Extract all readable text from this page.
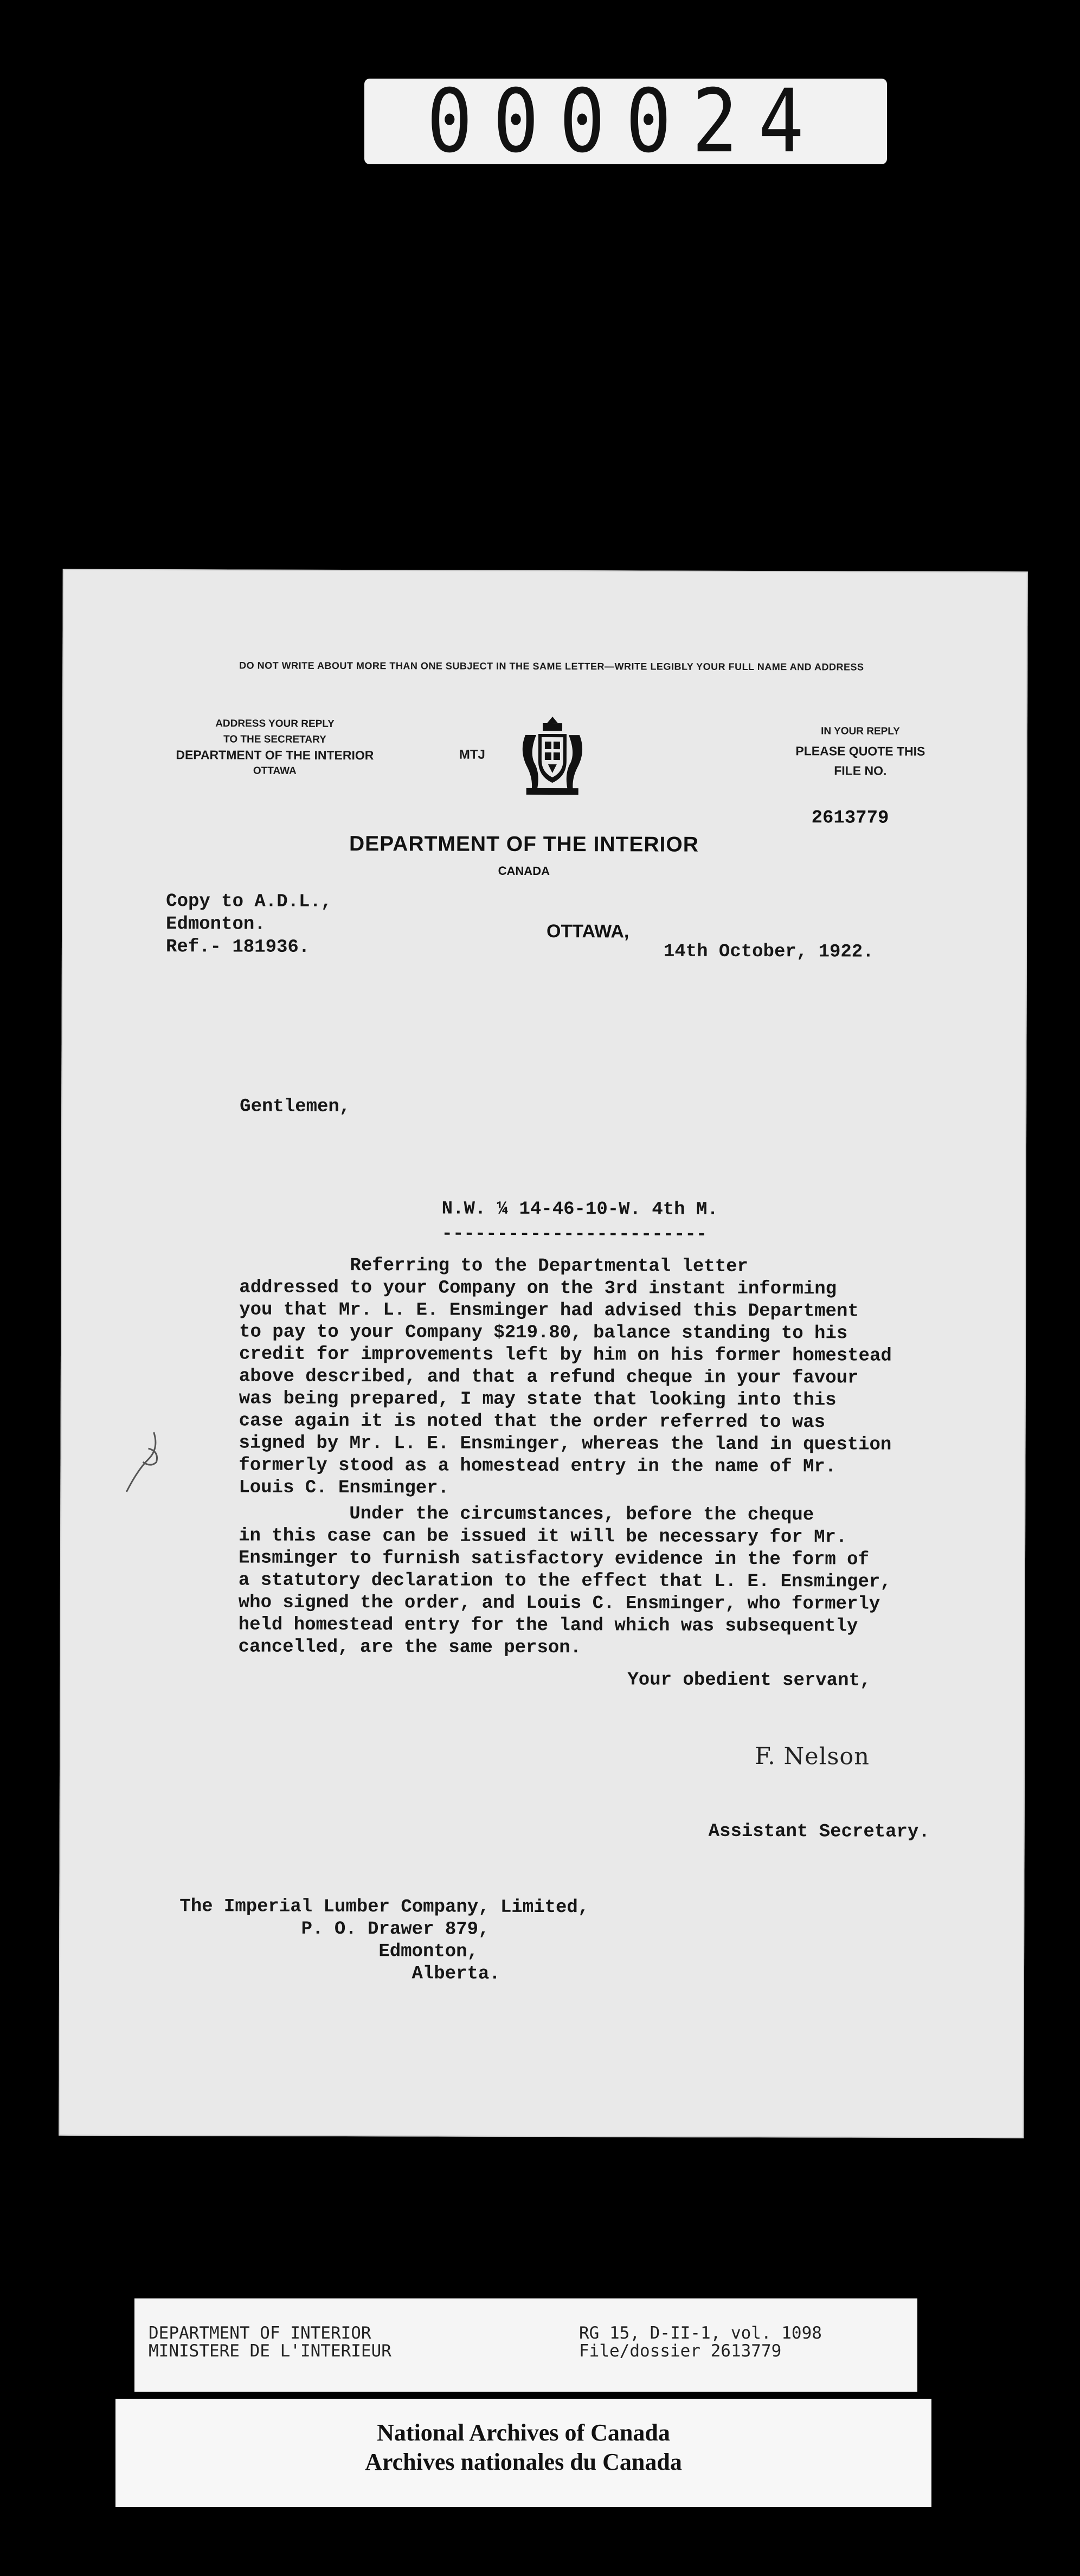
000024
DO NOT WRITE ABOUT MORE THAN ONE SUBJECT IN THE SAME LETTER—WRITE LEGIBLY YOUR FULL NAME AND ADDRESS
ADDRESS YOUR REPLY
TO THE SECRETARY
DEPARTMENT OF THE INTERIOR
OTTAWA
MTJ
IN YOUR REPLY
PLEASE QUOTE THIS
FILE NO.
2613779
DEPARTMENT OF THE INTERIOR
CANADA
Copy to A.D.L.,
Edmonton.
Ref.- 181936.
OTTAWA,
14th October, 1922.
Gentlemen,
N.W. ¼ 14-46-10-W. 4th M.
------------------------

Referring to the Departmental letter

addressed to your Company on the 3rd instant informing

you that Mr. L. E. Ensminger had advised this Department

to pay to your Company $219.80, balance standing to his

credit for improvements left by him on his former homestead

above described, and that a refund cheque in your favour

was being prepared, I may state that looking into this

case again it is noted that the order referred to was

signed by Mr. L. E. Ensminger, whereas the land in question

formerly stood as a homestead entry in the name of Mr.

Louis C. Ensminger.

Under the circumstances, before the cheque

in this case can be issued it will be necessary for Mr.

Ensminger to furnish satisfactory evidence in the form of

a statutory declaration to the effect that L. E. Ensminger,

who signed the order, and Louis C. Ensminger, who formerly

held homestead entry for the land which was subsequently

cancelled, are the same person.

Your obedient servant,
F. Nelson
Assistant Secretary.

The Imperial Lumber Company, Limited,

P. O. Drawer 879,

Edmonton,

Alberta.

DEPARTMENT OF INTERIOR

MINISTERE DE L'INTERIEUR

RG 15, D-II-1, vol. 1098

File/dossier 2613779

National Archives of Canada

Archives nationales du Canada
